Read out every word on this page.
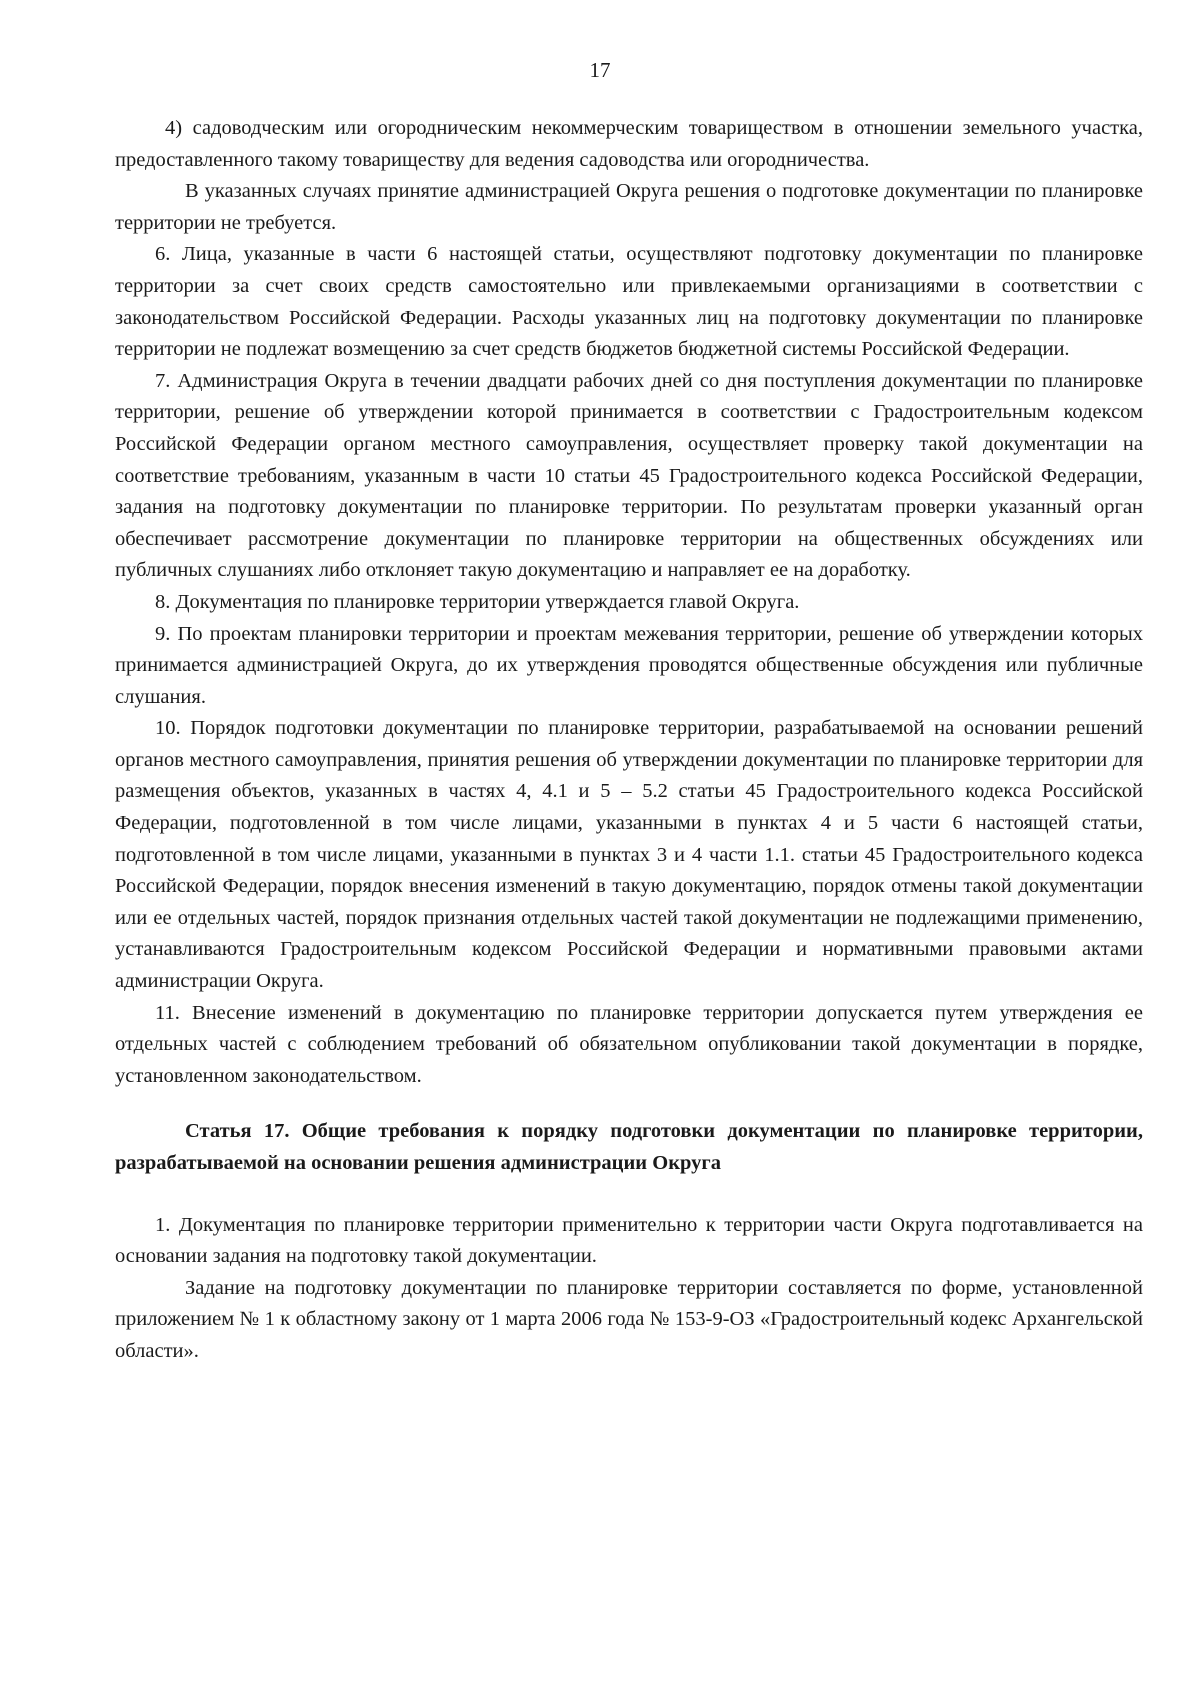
17

4) садоводческим или огородническим некоммерческим товариществом в отношении земельного участка, предоставленного такому товариществу для ведения садоводства или огородничества.

В указанных случаях принятие администрацией Округа решения о подготовке документации по планировке территории не требуется.

6. Лица, указанные в части 6 настоящей статьи, осуществляют подготовку документации по планировке территории за счет своих средств самостоятельно или привлекаемыми организациями в соответствии с законодательством Российской Федерации. Расходы указанных лиц на подготовку документации по планировке территории не подлежат возмещению за счет средств бюджетов бюджетной системы Российской Федерации.

7. Администрация Округа в течении двадцати рабочих дней со дня поступления документации по планировке территории, решение об утверждении которой принимается в соответствии с Градостроительным кодексом Российской Федерации органом местного самоуправления, осуществляет проверку такой документации на соответствие требованиям, указанным в части 10 статьи 45 Градостроительного кодекса Российской Федерации, задания на подготовку документации по планировке территории. По результатам проверки указанный орган обеспечивает рассмотрение документации по планировке территории на общественных обсуждениях или публичных слушаниях либо отклоняет такую документацию и направляет ее на доработку.

8. Документация по планировке территории утверждается главой Округа.

9. По проектам планировки территории и проектам межевания территории, решение об утверждении которых принимается администрацией Округа, до их утверждения проводятся общественные обсуждения или публичные слушания.

10. Порядок подготовки документации по планировке территории, разрабатываемой на основании решений органов местного самоуправления, принятия решения об утверждении документации по планировке территории для размещения объектов, указанных в частях 4, 4.1 и 5 – 5.2 статьи 45 Градостроительного кодекса Российской Федерации, подготовленной в том числе лицами, указанными в пунктах 4 и 5 части 6 настоящей статьи, подготовленной в том числе лицами, указанными в пунктах 3 и 4 части 1.1. статьи 45 Градостроительного кодекса Российской Федерации, порядок внесения изменений в такую документацию, порядок отмены такой документации или ее отдельных частей, порядок признания отдельных частей такой документации не подлежащими применению, устанавливаются Градостроительным кодексом Российской Федерации и нормативными правовыми актами администрации Округа.

11. Внесение изменений в документацию по планировке территории допускается путем утверждения ее отдельных частей с соблюдением требований об обязательном опубликовании такой документации в порядке, установленном законодательством.

Статья 17. Общие требования к порядку подготовки документации по планировке территории, разрабатываемой на основании решения администрации Округа

1. Документация по планировке территории применительно к территории части Округа подготавливается на основании задания на подготовку такой документации.

Задание на подготовку документации по планировке территории составляется по форме, установленной приложением № 1 к областному закону от 1 марта 2006 года № 153-9-ОЗ «Градостроительный кодекс Архангельской области».
